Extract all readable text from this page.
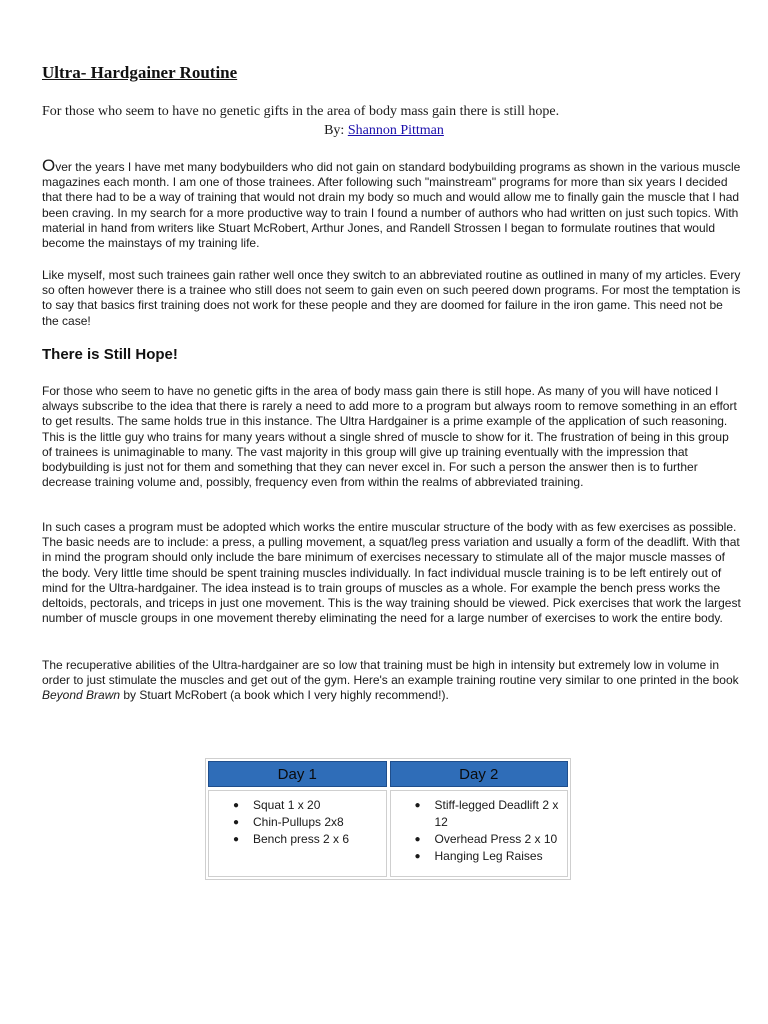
Ultra- Hardgainer Routine

For those who seem to have no genetic gifts in the area of body mass gain there is still hope.

By: Shannon Pittman

Over the years I have met many bodybuilders who did not gain on standard bodybuilding programs as shown in the various muscle magazines each month. I am one of those trainees. After following such "mainstream" programs for more than six years I decided that there had to be a way of training that would not drain my body so much and would allow me to finally gain the muscle that I had been craving. In my search for a more productive way to train I found a number of authors who had written on just such topics. With material in hand from writers like Stuart McRobert, Arthur Jones, and Randell Strossen I began to formulate routines that would become the mainstays of my training life.

Like myself, most such trainees gain rather well once they switch to an abbreviated routine as outlined in many of my articles. Every so often however there is a trainee who still does not seem to gain even on such peered down programs. For most the temptation is to say that basics first training does not work for these people and they are doomed for failure in the iron game. This need not be the case!

There is Still Hope!

For those who seem to have no genetic gifts in the area of body mass gain there is still hope. As many of you will have noticed I always subscribe to the idea that there is rarely a need to add more to a program but always room to remove something in an effort to get results. The same holds true in this instance. The Ultra Hardgainer is a prime example of the application of such reasoning. This is the little guy who trains for many years without a single shred of muscle to show for it. The frustration of being in this group of trainees is unimaginable to many. The vast majority in this group will give up training eventually with the impression that bodybuilding is just not for them and something that they can never excel in. For such a person the answer then is to further decrease training volume and, possibly, frequency even from within the realms of abbreviated training.

In such cases a program must be adopted which works the entire muscular structure of the body with as few exercises as possible. The basic needs are to include: a press, a pulling movement, a squat/leg press variation and usually a form of the deadlift. With that in mind the program should only include the bare minimum of exercises necessary to stimulate all of the major muscle masses of the body. Very little time should be spent training muscles individually. In fact individual muscle training is to be left entirely out of mind for the Ultra-hardgainer. The idea instead is to train groups of muscles as a whole. For example the bench press works the deltoids, pectorals, and triceps in just one movement. This is the way training should be viewed. Pick exercises that work the largest number of muscle groups in one movement thereby eliminating the need for a large number of exercises to work the entire body.

The recuperative abilities of the Ultra-hardgainer are so low that training must be high in intensity but extremely low in volume in order to just stimulate the muscles and get out of the gym. Here's an example training routine very similar to one printed in the book Beyond Brawn by Stuart McRobert (a book which I very highly recommend!).

Day 1	Day 2
● Squat 1 x 20
● Chin-Pullups 2x8
● Bench press 2 x 6
● Stiff-legged Deadlift 2 x 12
● Overhead Press 2 x 10
● Hanging Leg Raises
